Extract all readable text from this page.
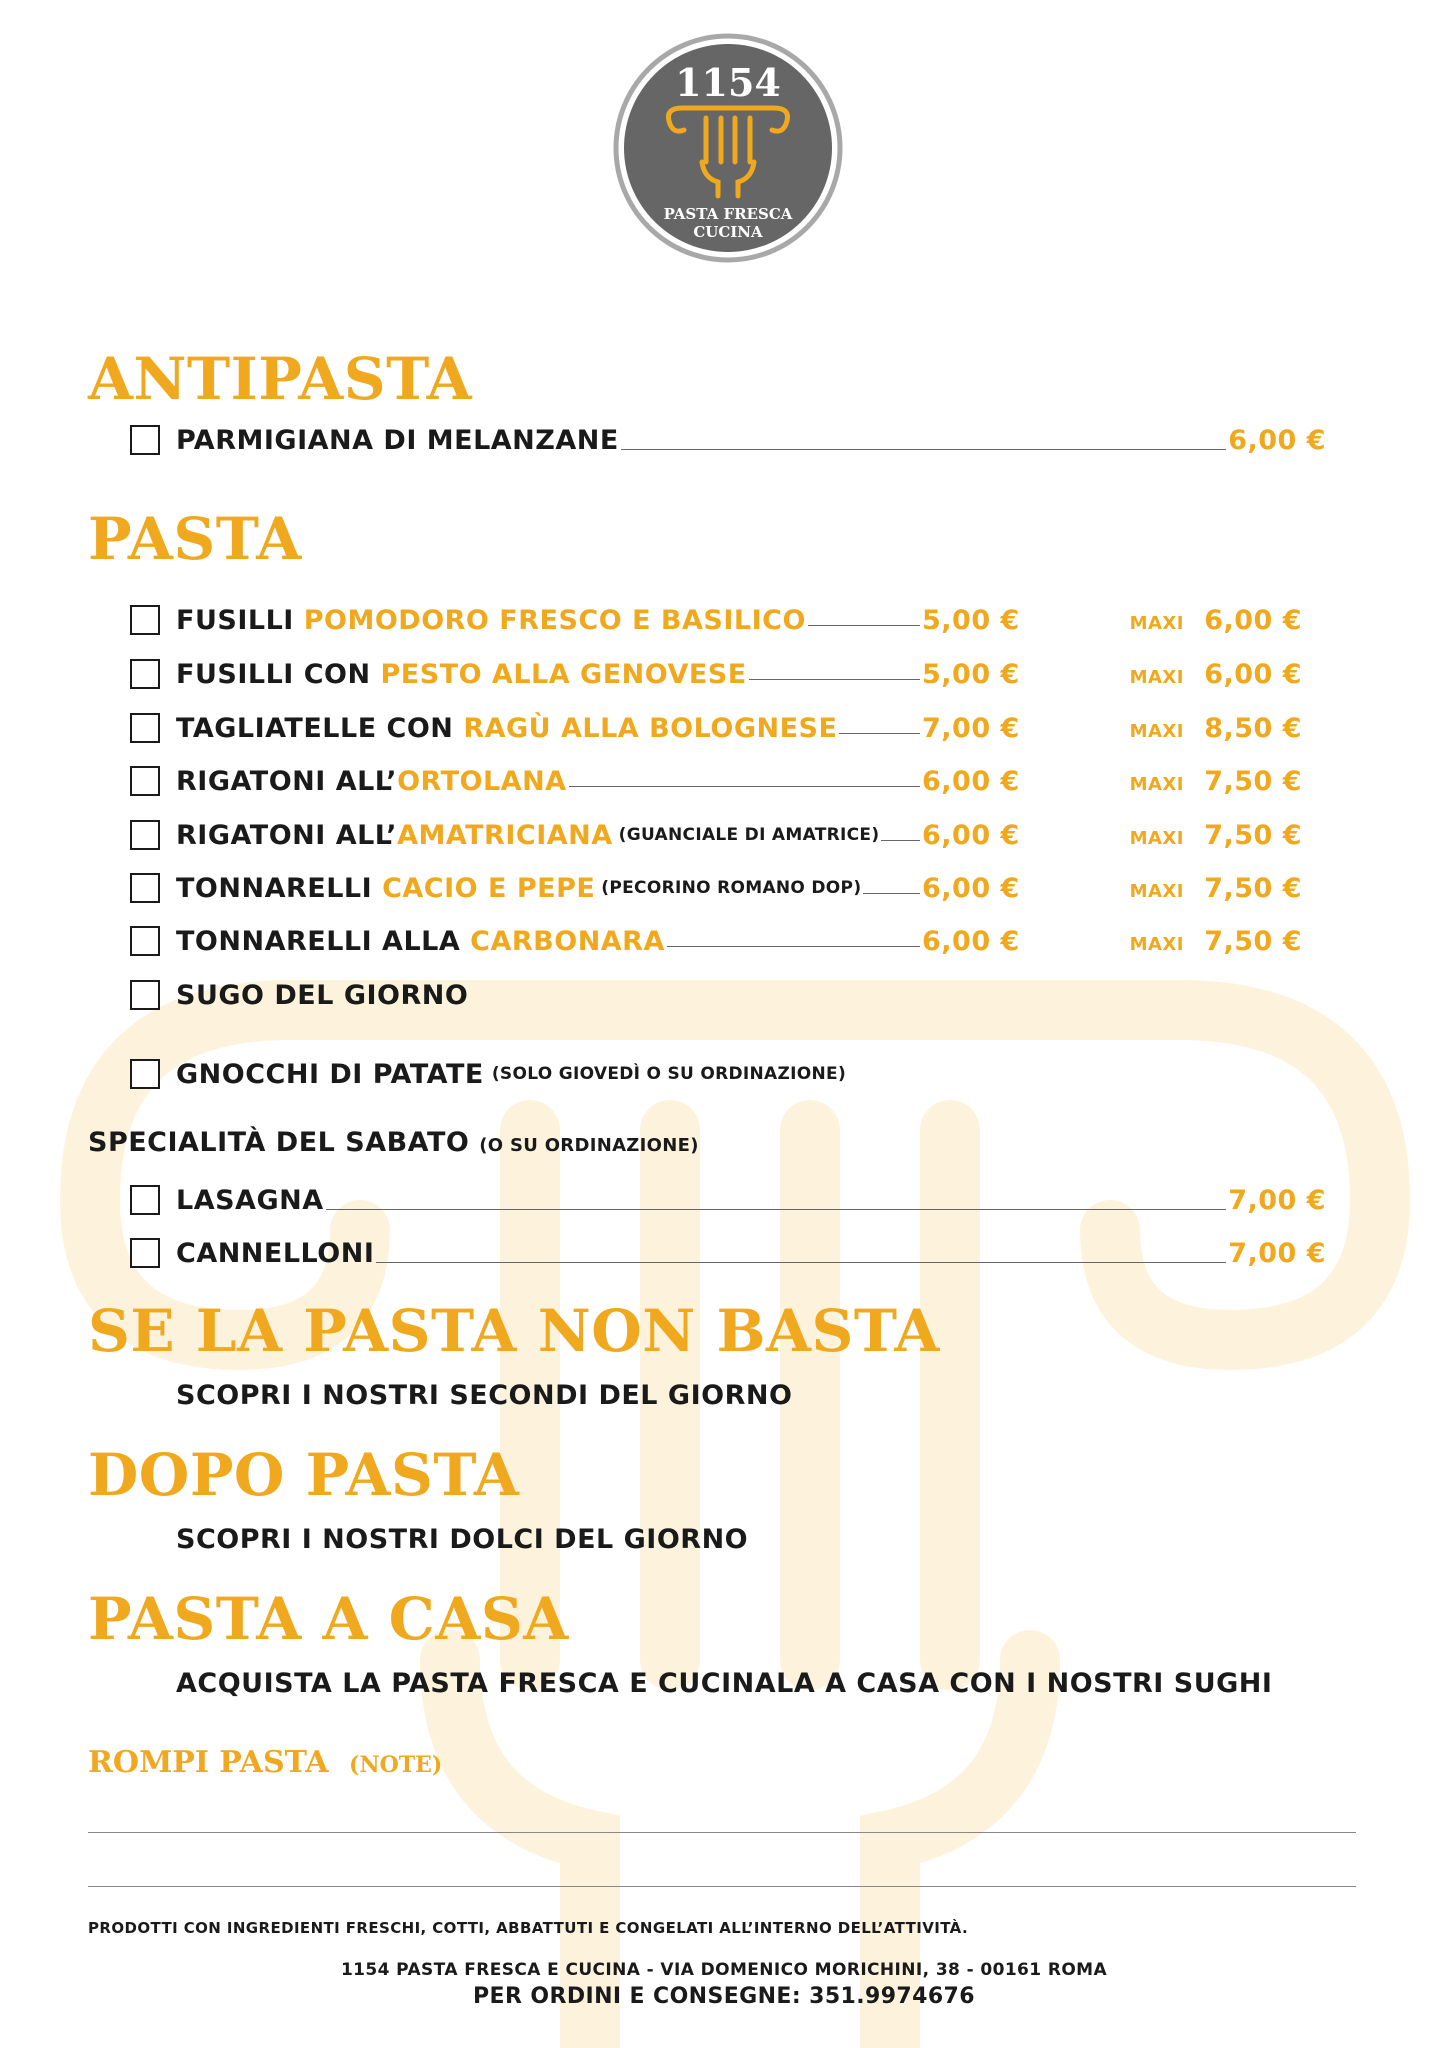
1154
PASTA FRESCA
CUCINA
ANTIPASTA
PARMIGIANA DI MELANZANE	6,00 €
PASTA
FUSILLI POMODORO FRESCO E BASILICO	5,00 €	MAXI 6,00 €
FUSILLI CON PESTO ALLA GENOVESE	5,00 €	MAXI 6,00 €
TAGLIATELLE CON RAGÙ ALLA BOLOGNESE	7,00 €	MAXI 8,50 €
RIGATONI ALL’ORTOLANA	6,00 €	MAXI 7,50 €
RIGATONI ALL’AMATRICIANA (GUANCIALE DI AMATRICE) 6,00 €	MAXI 7,50 €
TONNARELLI CACIO E PEPE (PECORINO ROMANO DOP) 6,00 €	MAXI 7,50 €
TONNARELLI ALLA CARBONARA	6,00 €	MAXI 7,50 €
SUGO DEL GIORNO
GNOCCHI DI PATATE (SOLO GIOVEDÌ O SU ORDINAZIONE)
SPECIALITÀ DEL SABATO (O SU ORDINAZIONE)
LASAGNA	7,00 €
CANNELLONI	7,00 €
SE LA PASTA NON BASTA
SCOPRI I NOSTRI SECONDI DEL GIORNO
DOPO PASTA
SCOPRI I NOSTRI DOLCI DEL GIORNO
PASTA A CASA
ACQUISTA LA PASTA FRESCA E CUCINALA A CASA CON I NOSTRI SUGHI
ROMPI PASTA (NOTE)
PRODOTTI CON INGREDIENTI FRESCHI, COTTI, ABBATTUTI E CONGELATI ALL’INTERNO DELL’ATTIVITÀ.
1154 PASTA FRESCA E CUCINA - VIA DOMENICO MORICHINI, 38 - 00161 ROMA
PER ORDINI E CONSEGNE: 351.9974676
